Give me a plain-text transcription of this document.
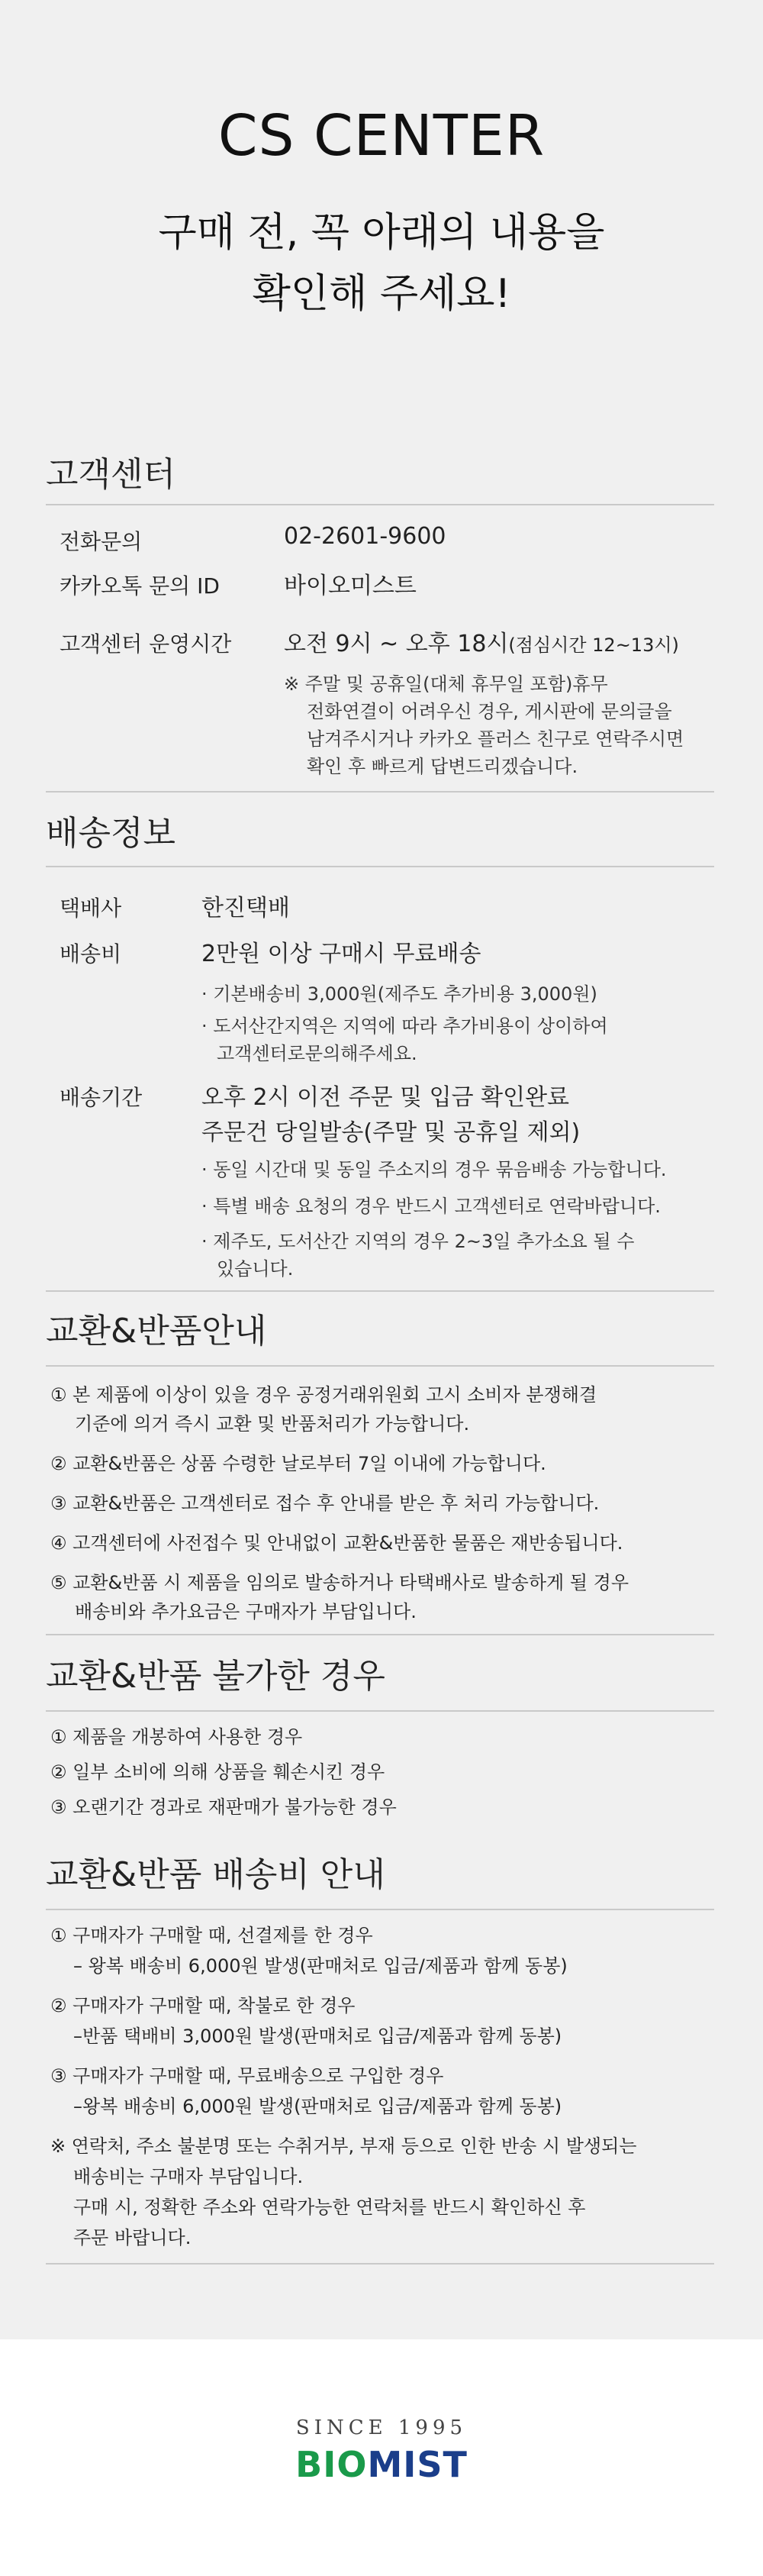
CS CENTER
구매 전, 꼭 아래의 내용을
확인해 주세요!
고객센터
전화문의	02-2601-9600
카카오톡 문의 ID	바이오미스트
고객센터 운영시간 오전 9시 ~ 오후 18시(점심시간 12~13시)
※ 주말 및 공휴일(대체 휴무일 포함)휴무
전화연결이 어려우신 경우, 게시판에 문의글을
남겨주시거나 카카오 플러스 친구로 연락주시면
확인 후 빠르게 답변드리겠습니다.
배송정보
택배사	한진택배
배송비	2만원 이상 구매시 무료배송
· 기본배송비 3,000원(제주도 추가비용 3,000원)
· 도서산간지역은 지역에 따라 추가비용이 상이하여
고객센터로문의해주세요.
배송기간	오후 2시 이전 주문 및 입금 확인완료
주문건 당일발송(주말 및 공휴일 제외)
· 동일 시간대 및 동일 주소지의 경우 묶음배송 가능합니다.
· 특별 배송 요청의 경우 반드시 고객센터로 연락바랍니다.
· 제주도, 도서산간 지역의 경우 2~3일 추가소요 될 수
있습니다.
교환&반품안내
① 본 제품에 이상이 있을 경우 공정거래위원회 고시 소비자 분쟁해결
기준에 의거 즉시 교환 및 반품처리가 가능합니다.
② 교환&반품은 상품 수령한 날로부터 7일 이내에 가능합니다.
③ 교환&반품은 고객센터로 접수 후 안내를 받은 후 처리 가능합니다.
④ 고객센터에 사전접수 및 안내없이 교환&반품한 물품은 재반송됩니다.
⑤ 교환&반품 시 제품을 임의로 발송하거나 타택배사로 발송하게 될 경우
배송비와 추가요금은 구매자가 부담입니다.
교환&반품 불가한 경우
① 제품을 개봉하여 사용한 경우
② 일부 소비에 의해 상품을 훼손시킨 경우
③ 오랜기간 경과로 재판매가 불가능한 경우
교환&반품 배송비 안내
① 구매자가 구매할 때, 선결제를 한 경우
– 왕복 배송비 6,000원 발생(판매처로 입금/제품과 함께 동봉)
② 구매자가 구매할 때, 착불로 한 경우
–반품 택배비 3,000원 발생(판매처로 입금/제품과 함께 동봉)
③ 구매자가 구매할 때, 무료배송으로 구입한 경우
–왕복 배송비 6,000원 발생(판매처로 입금/제품과 함께 동봉)
※ 연락처, 주소 불분명 또는 수취거부, 부재 등으로 인한 반송 시 발생되는
배송비는 구매자 부담입니다.
구매 시, 정확한 주소와 연락가능한 연락처를 반드시 확인하신 후
주문 바랍니다.
SINCE 1995
BIOMIST
